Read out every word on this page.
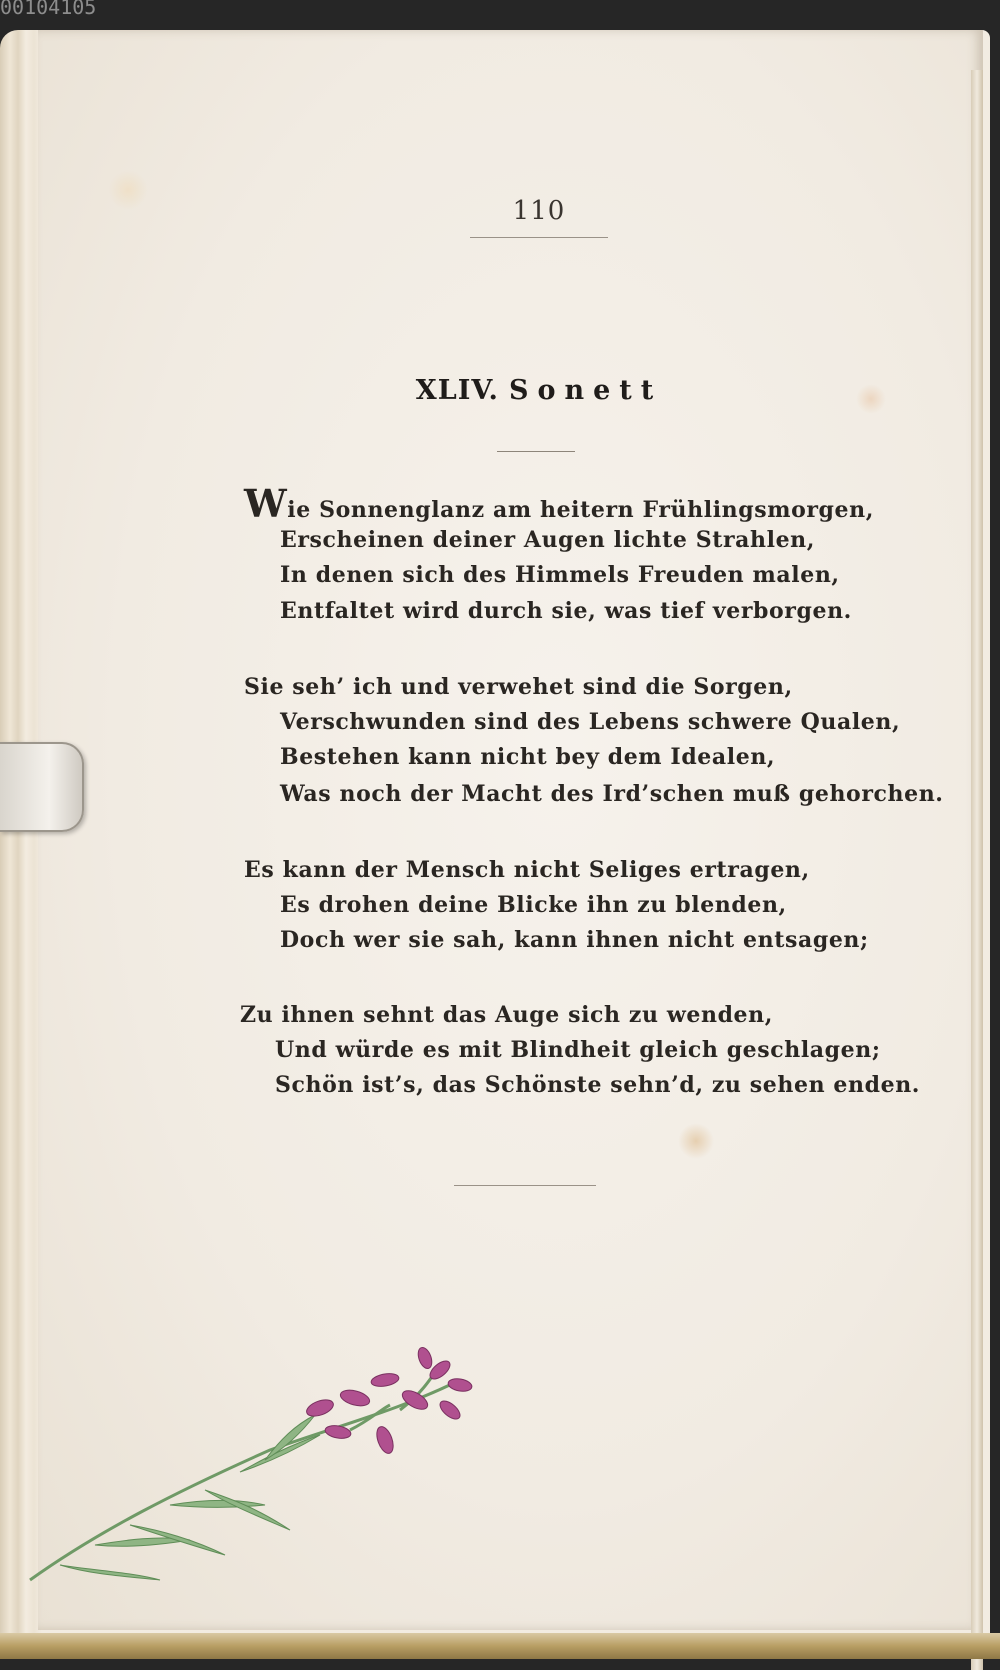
00104105
110
XLIV. Sonett
Wie Sonnenglanz am heitern Frühlingsmorgen,
Erscheinen deiner Augen lichte Strahlen,
In denen sich des Himmels Freuden malen,
Entfaltet wird durch sie, was tief verborgen.
Sie seh’ ich und verwehet sind die Sorgen,
Verschwunden sind des Lebens schwere Qualen,
Bestehen kann nicht bey dem Idealen,
Was noch der Macht des Ird’schen muß gehorchen.
Es kann der Mensch nicht Seliges ertragen,
Es drohen deine Blicke ihn zu blenden,
Doch wer sie sah, kann ihnen nicht entsagen;
Zu ihnen sehnt das Auge sich zu wenden,
Und würde es mit Blindheit gleich geschlagen;
Schön ist’s, das Schönste sehn’d, zu sehen enden.
